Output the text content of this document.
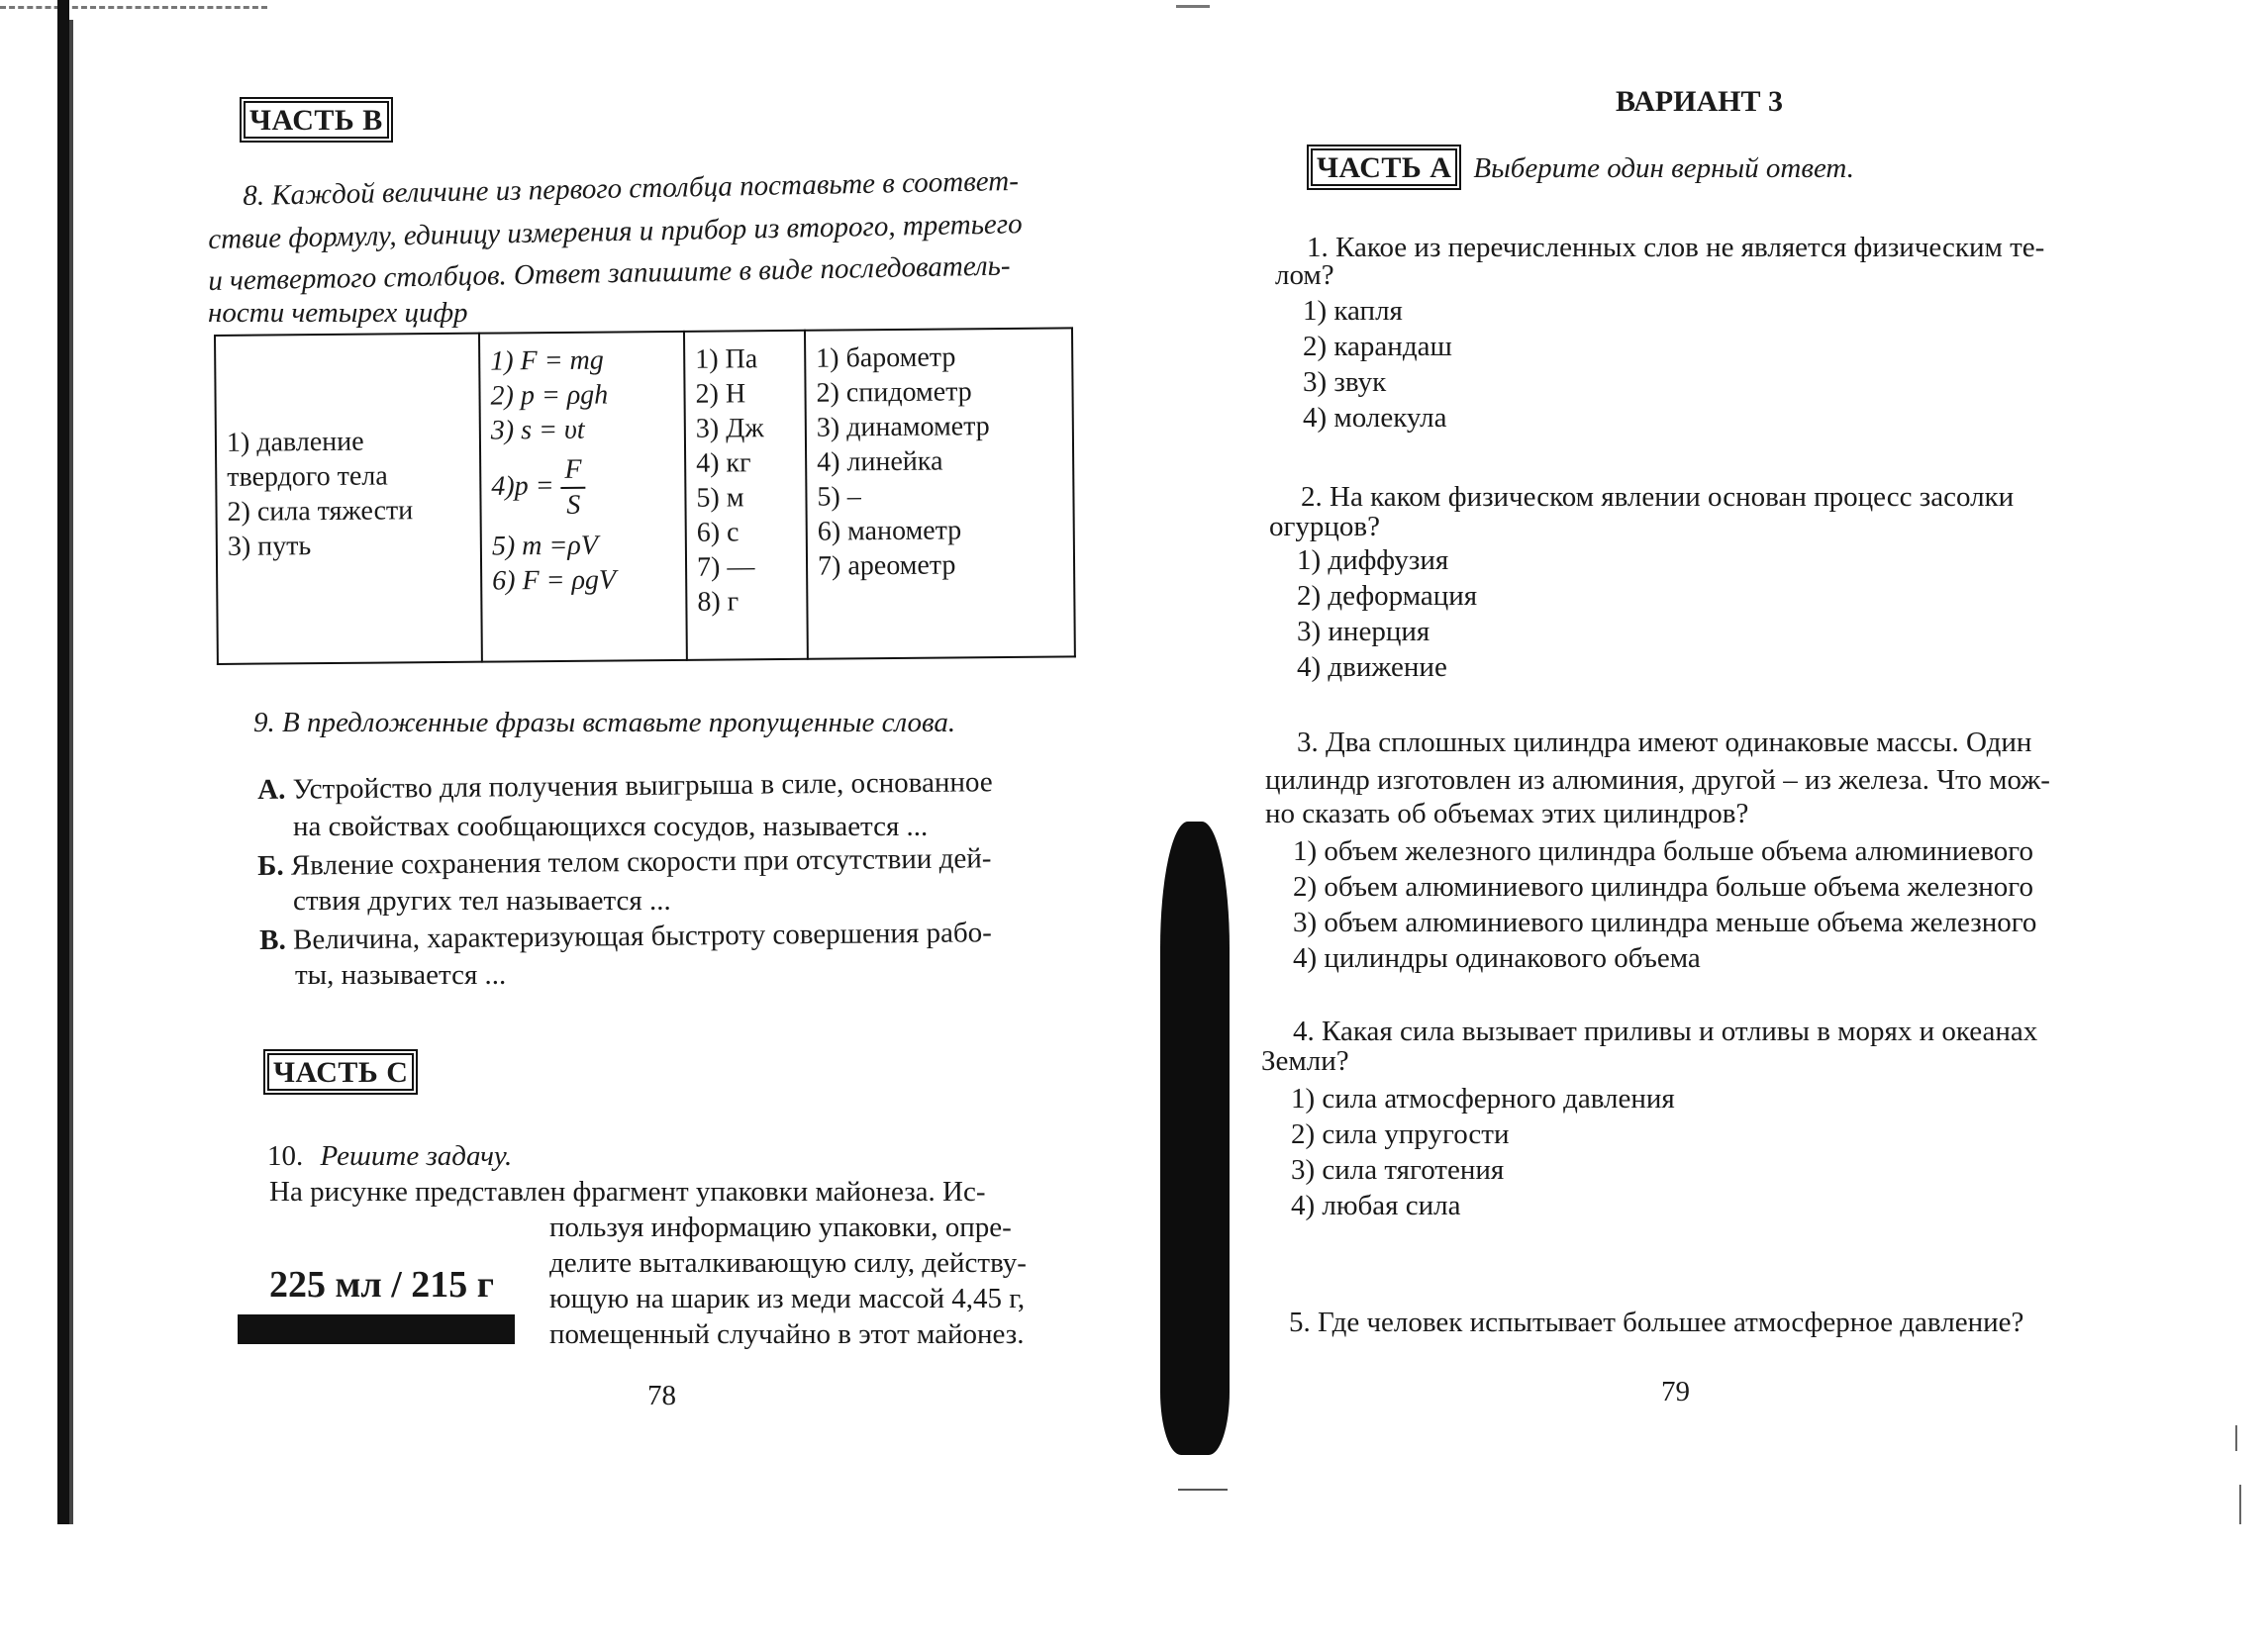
ЧАСТЬ В
8. Каждой величине из первого столбца поставьте в соответ-
ствие формулу, единицу измерения и прибор из второго, третьего
и четвертого столбцов. Ответ запишите в виде последователь-
ности четырех цифр
1) давление
твердого тела
2) сила тяжести
3) путь

1) F = mg
2) p = ρgh
3) s = υt
$4)p = \frac{F}{S}$
5) m =ρV
6) F = ρgV

1) Па
2) Н
3) Дж
4) кг
5) м
6) с
7) —
8) г

1) барометр
2) спидометр
3) динамометр
4) линейка
5) –
6) манометр
7) ареометр
9. В предложенные фразы вставьте пропущенные слова.
А. Устройство для получения выигрыша в силе, основанное
на свойствах сообщающихся сосудов, называется ...
Б. Явление сохранения телом скорости при отсутствии дей-
ствия других тел называется ...
В. Величина, характеризующая быстроту совершения рабо-
ты, называется ...
ЧАСТЬ С
10. Решите задачу.
На рисунке представлен фрагмент упаковки майонеза. Ис-
пользуя информацию упаковки, опре-
делите выталкивающую силу, действу-
ющую на шарик из меди массой 4,45 г,
помещенный случайно в этот майонез.
225 мл / 215 г
78
ВАРИАНТ 3
ЧАСТЬ А Выберите один верный ответ.
1. Какое из перечисленных слов не является физическим те-
лом?
1) капля
2) карандаш
3) звук
4) молекула
2. На каком физическом явлении основан процесс засолки
огурцов?
1) диффузия
2) деформация
3) инерция
4) движение
3. Два сплошных цилиндра имеют одинаковые массы. Один
цилиндр изготовлен из алюминия, другой – из железа. Что мож-
но сказать об объемах этих цилиндров?
1) объем железного цилиндра больше объема алюминиевого
2) объем алюминиевого цилиндра больше объема железного
3) объем алюминиевого цилиндра меньше объема железного
4) цилиндры одинакового объема
4. Какая сила вызывает приливы и отливы в морях и океанах
Земли?
1) сила атмосферного давления
2) сила упругости
3) сила тяготения
4) любая сила
5. Где человек испытывает большее атмосферное давление?
79
